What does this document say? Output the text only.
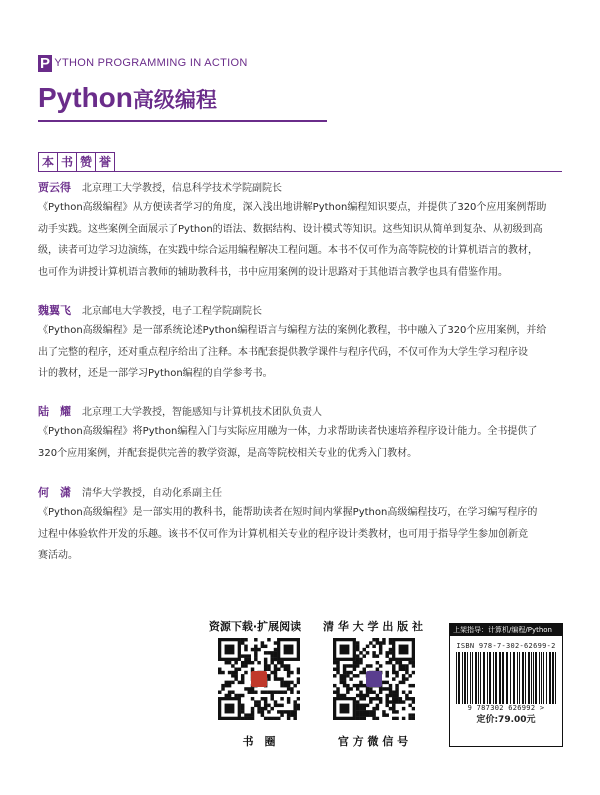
P YTHON PROGRAMMING IN ACTION
Python高级编程
本 书 赞 誉
贾云得 北京理工大学教授，信息科学技术学院副院长
《Python高级编程》从方便读者学习的角度，深入浅出地讲解Python编程知识要点，并提供了320个应用案例帮助
动手实践。这些案例全面展示了Python的语法、数据结构、设计模式等知识。这些知识从简单到复杂、从初级到高
级，读者可边学习边演练，在实践中综合运用编程解决工程问题。本书不仅可作为高等院校的计算机语言的教材，
也可作为讲授计算机语言教师的辅助教科书，书中应用案例的设计思路对于其他语言教学也具有借鉴作用。
魏翼飞 北京邮电大学教授，电子工程学院副院长
《Python高级编程》是一部系统论述Python编程语言与编程方法的案例化教程，书中融入了320个应用案例，并给
出了完整的程序，还对重点程序给出了注释。本书配套提供教学课件与程序代码，不仅可作为大学生学习程序设
计的教材，还是一部学习Python编程的自学参考书。
陆　耀 北京理工大学教授，智能感知与计算机技术团队负责人
《Python高级编程》将Python编程入门与实际应用融为一体，力求帮助读者快速培养程序设计能力。全书提供了
320个应用案例，并配套提供完善的教学资源，是高等院校相关专业的优秀入门教材。
何　潇 清华大学教授，自动化系副主任
《Python高级编程》是一部实用的教科书，能帮助读者在短时间内掌握Python高级编程技巧，在学习编写程序的
过程中体验软件开发的乐趣。该书不仅可作为计算机相关专业的程序设计类教材，也可用于指导学生参加创新竞
赛活动。
资源下载·扩展阅读
书　圈
清 华 大 学 出 版 社
官 方 微 信 号
上架指导：计算机/编程/Python
ISBN 978-7-302-62699-2
9 787302 626992 >
定价:79.00元
